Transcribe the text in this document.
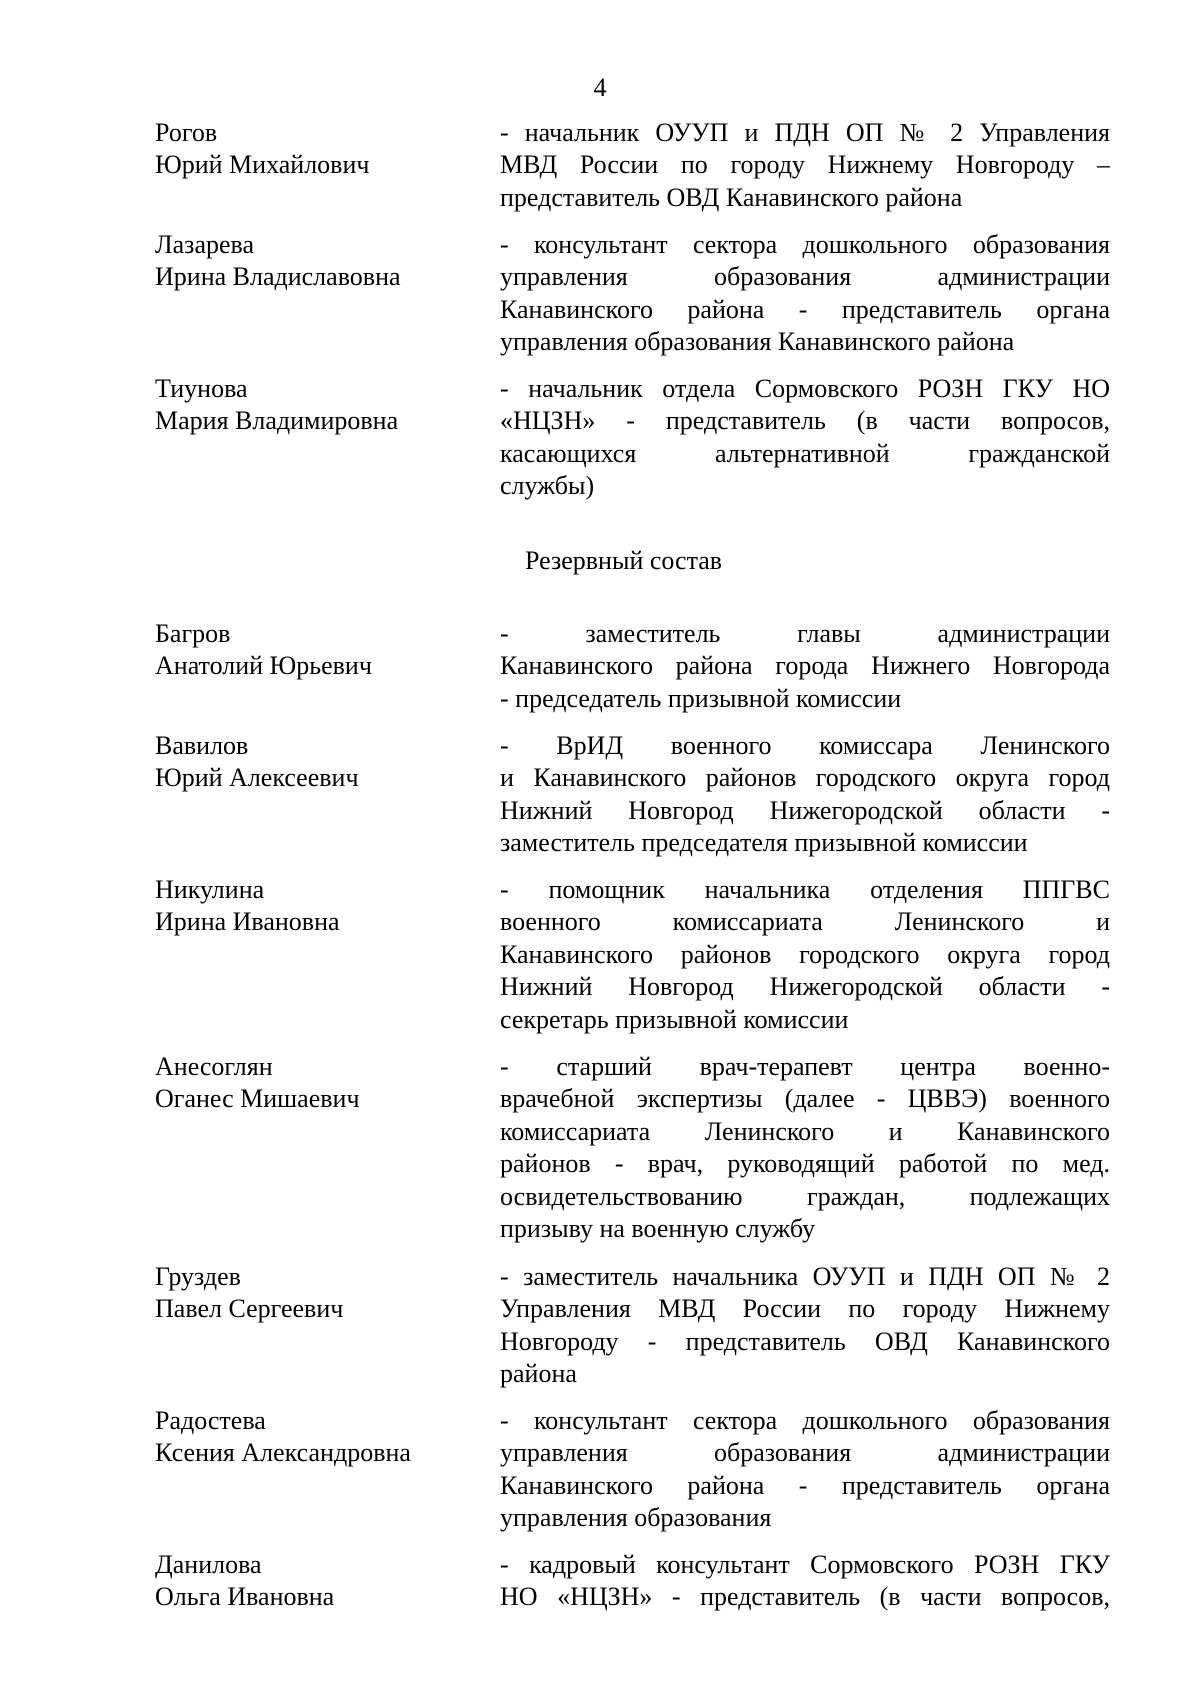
4
Рогов
Юрий Михайлович
- начальник ОУУП и ПДН ОП № 2 Управления
МВД России по городу Нижнему Новгороду –
представитель ОВД Канавинского района
Лазарева
Ирина Владиславовна
- консультант сектора дошкольного образования
управления образования администрации
Канавинского района - представитель органа
управления образования Канавинского района
Тиунова
Мария Владимировна
- начальник отдела Сормовского РОЗН ГКУ НО
«НЦЗН» - представитель (в части вопросов,
касающихся альтернативной гражданской
службы)
Резервный состав
Багров
Анатолий Юрьевич
- заместитель главы администрации
Канавинского района города Нижнего Новгорода
- председатель призывной комиссии
Вавилов
Юрий Алексеевич
- ВрИД военного комиссара Ленинского
и Канавинского районов городского округа город
Нижний Новгород Нижегородской области -
заместитель председателя призывной комиссии
Никулина
Ирина Ивановна
- помощник начальника отделения ППГВС
военного комиссариата Ленинского и
Канавинского районов городского округа город
Нижний Новгород Нижегородской области -
секретарь призывной комиссии
Анесоглян
Оганес Мишаевич
- старший врач-терапевт центра военно-
врачебной экспертизы (далее - ЦВВЭ) военного
комиссариата Ленинского и Канавинского
районов - врач, руководящий работой по мед.
освидетельствованию граждан, подлежащих
призыву на военную службу
Груздев
Павел Сергеевич
- заместитель начальника ОУУП и ПДН ОП № 2
Управления МВД России по городу Нижнему
Новгороду - представитель ОВД Канавинского
района
Радостева
Ксения Александровна
- консультант сектора дошкольного образования
управления образования администрации
Канавинского района - представитель органа
управления образования
Данилова
Ольга Ивановна
- кадровый консультант Сормовского РОЗН ГКУ
НО «НЦЗН» - представитель (в части вопросов,
